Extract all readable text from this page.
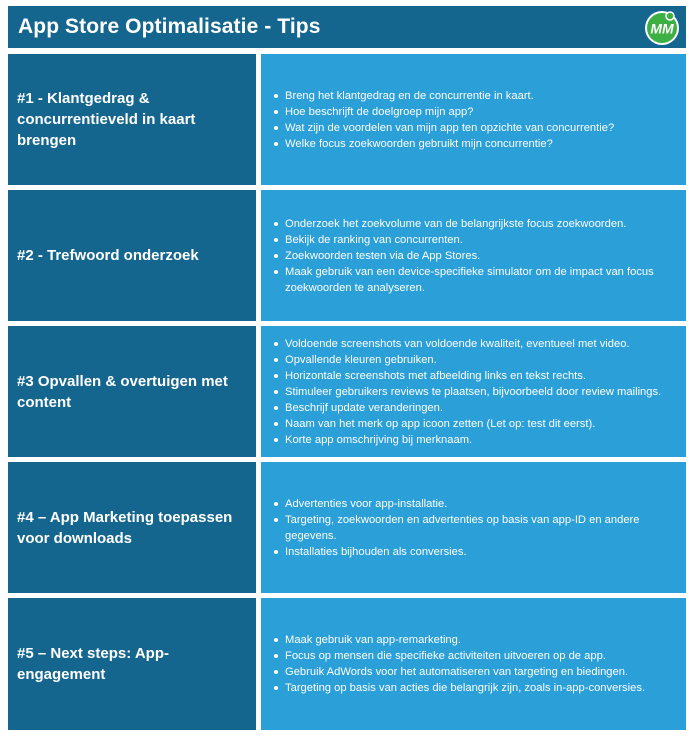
App Store Optimalisatie - Tips	MM
#1 - Klantgedrag & concurrentieveld in kaart brengen
Breng het klantgedrag en de concurrentie in kaart.
Hoe beschrijft de doelgroep mijn app?
Wat zijn de voordelen van mijn app ten opzichte van concurrentie?
Welke focus zoekwoorden gebruikt mijn concurrentie?
#2 - Trefwoord onderzoek
Onderzoek het zoekvolume van de belangrijkste focus zoekwoorden.
Bekijk de ranking van concurrenten.
Zoekwoorden testen via de App Stores.
Maak gebruik van een device-specifieke simulator om de impact van focus zoekwoorden te analyseren.
#3 Opvallen & overtuigen met content
Voldoende screenshots van voldoende kwaliteit, eventueel met video.
Opvallende kleuren gebruiken.
Horizontale screenshots met afbeelding links en tekst rechts.
Stimuleer gebruikers reviews te plaatsen, bijvoorbeeld door review mailings.
Beschrijf update veranderingen.
Naam van het merk op app icoon zetten (Let op: test dit eerst).
Korte app omschrijving bij merknaam.
#4 – App Marketing toepassen voor downloads
Advertenties voor app-installatie.
Targeting, zoekwoorden en advertenties op basis van app-ID en andere gegevens.
Installaties bijhouden als conversies.
#5 – Next steps: App-engagement
Maak gebruik van app-remarketing.
Focus op mensen die specifieke activiteiten uitvoeren op de app.
Gebruik AdWords voor het automatiseren van targeting en biedingen.
Targeting op basis van acties die belangrijk zijn, zoals in-app-conversies.
